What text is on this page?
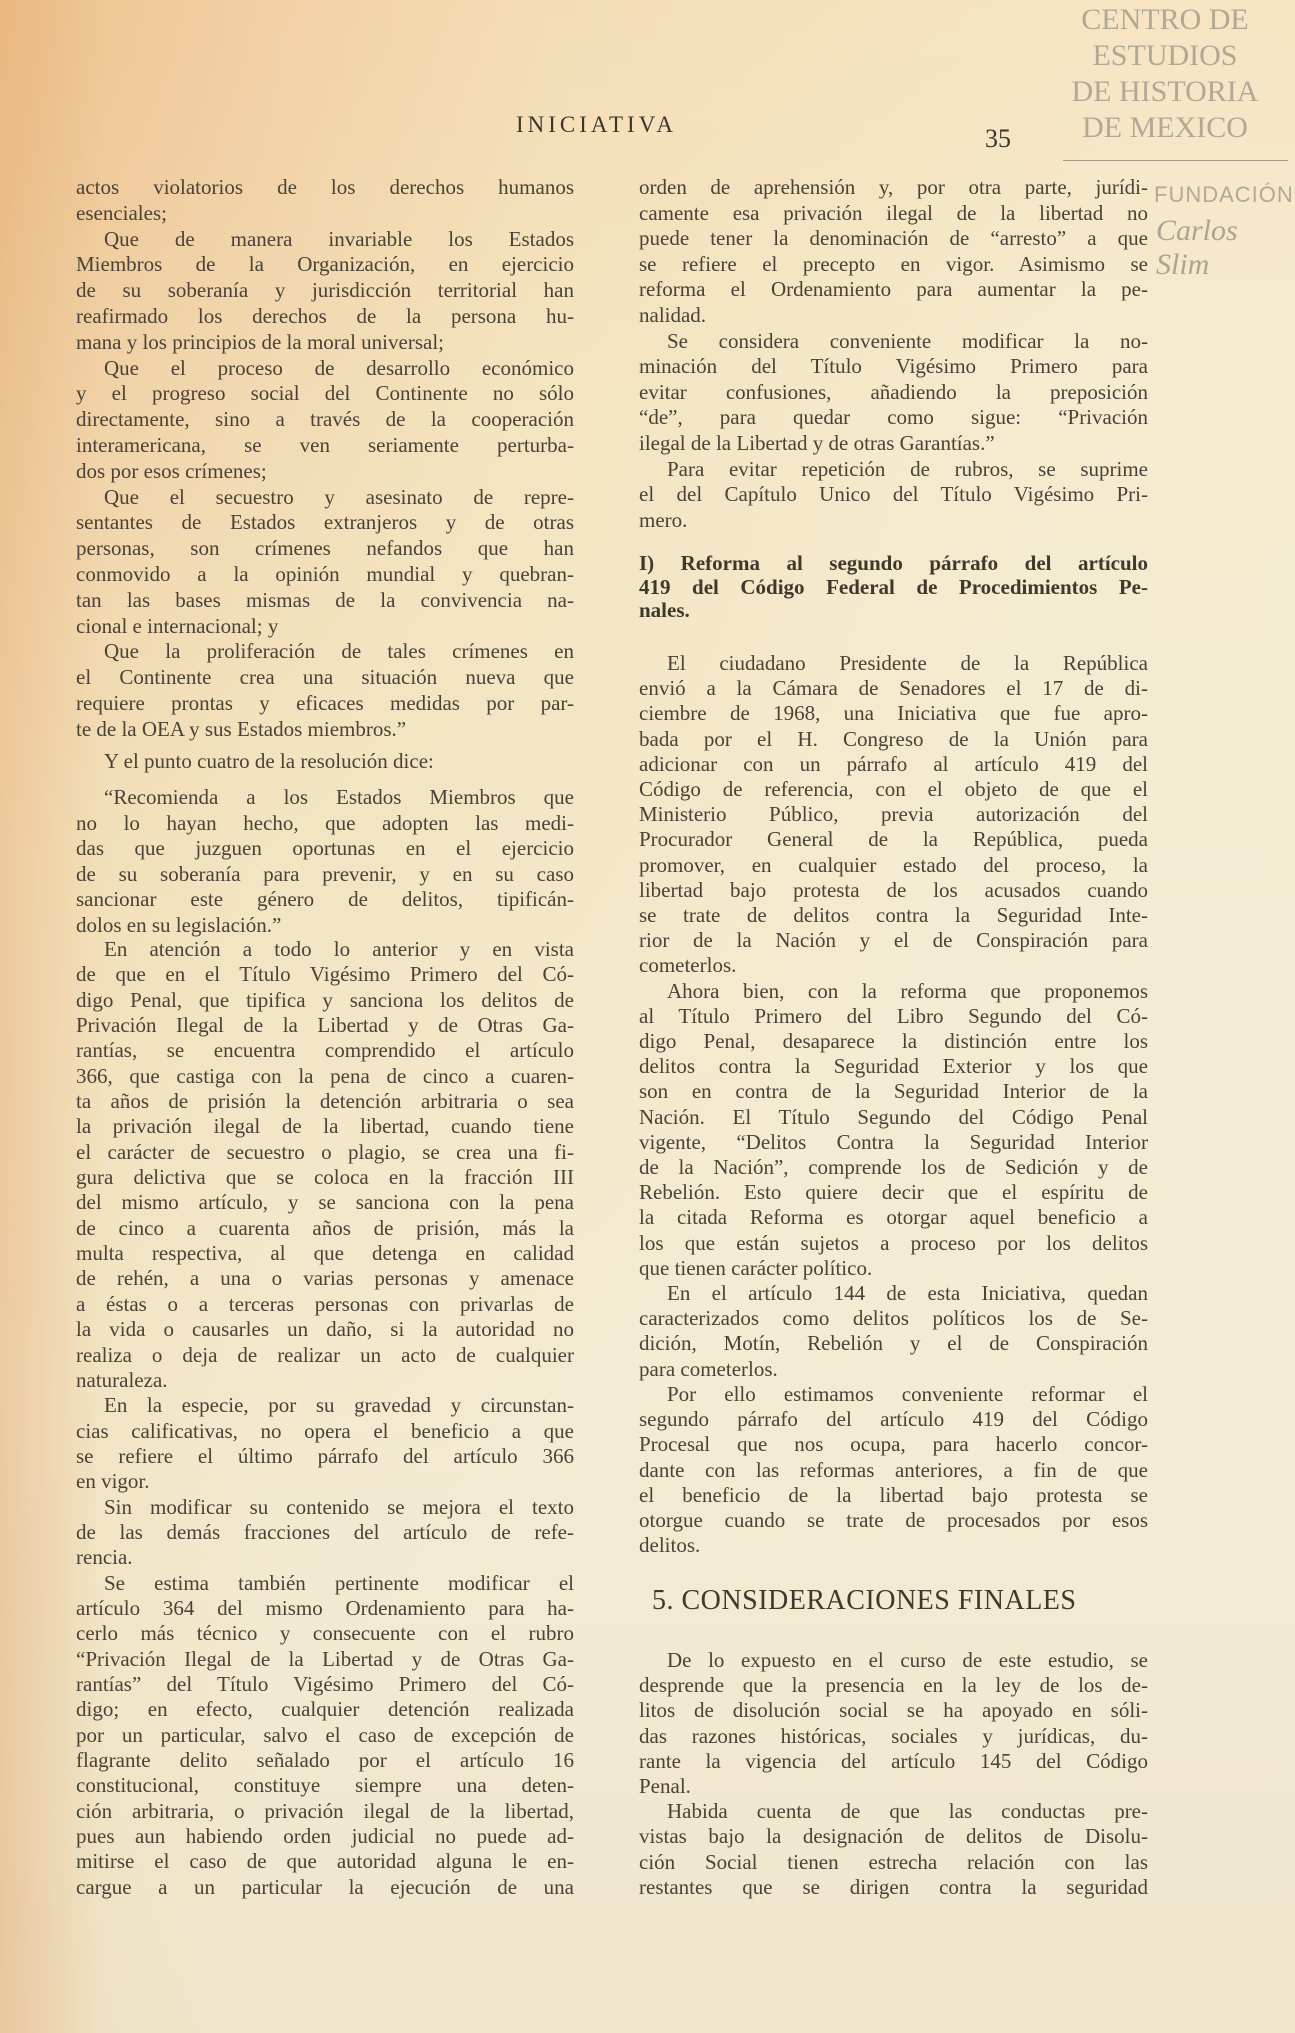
INICIATIVA	35
CENTRO DE
ESTUDIOS
DE HISTORIA
DE MEXICO
FUNDACIÓN
Carlos Slim
actos violatorios de los derechos humanos
esenciales;
Que de manera invariable los Estados
Miembros de la Organización, en ejercicio
de su soberanía y jurisdicción territorial han
reafirmado los derechos de la persona hu-
mana y los principios de la moral universal;
Que el proceso de desarrollo económico
y el progreso social del Continente no sólo
directamente, sino a través de la cooperación
interamericana, se ven seriamente perturba-
dos por esos crímenes;
Que el secuestro y asesinato de repre-
sentantes de Estados extranjeros y de otras
personas, son crímenes nefandos que han
conmovido a la opinión mundial y quebran-
tan las bases mismas de la convivencia na-
cional e internacional; y
Que la proliferación de tales crímenes en
el Continente crea una situación nueva que
requiere prontas y eficaces medidas por par-
te de la OEA y sus Estados miembros.”
Y el punto cuatro de la resolución dice:
“Recomienda a los Estados Miembros que
no lo hayan hecho, que adopten las medi-
das que juzguen oportunas en el ejercicio
de su soberanía para prevenir, y en su caso
sancionar este género de delitos, tipificán-
dolos en su legislación.”
En atención a todo lo anterior y en vista
de que en el Título Vigésimo Primero del Có-
digo Penal, que tipifica y sanciona los delitos de
Privación Ilegal de la Libertad y de Otras Ga-
rantías, se encuentra comprendido el artículo
366, que castiga con la pena de cinco a cuaren-
ta años de prisión la detención arbitraria o sea
la privación ilegal de la libertad, cuando tiene
el carácter de secuestro o plagio, se crea una fi-
gura delictiva que se coloca en la fracción III
del mismo artículo, y se sanciona con la pena
de cinco a cuarenta años de prisión, más la
multa respectiva, al que detenga en calidad
de rehén, a una o varias personas y amenace
a éstas o a terceras personas con privarlas de
la vida o causarles un daño, si la autoridad no
realiza o deja de realizar un acto de cualquier
naturaleza.
En la especie, por su gravedad y circunstan-
cias calificativas, no opera el beneficio a que
se refiere el último párrafo del artículo 366
en vigor.
Sin modificar su contenido se mejora el texto
de las demás fracciones del artículo de refe-
rencia.
Se estima también pertinente modificar el
artículo 364 del mismo Ordenamiento para ha-
cerlo más técnico y consecuente con el rubro
“Privación Ilegal de la Libertad y de Otras Ga-
rantías” del Título Vigésimo Primero del Có-
digo; en efecto, cualquier detención realizada
por un particular, salvo el caso de excepción de
flagrante delito señalado por el artículo 16
constitucional, constituye siempre una deten-
ción arbitraria, o privación ilegal de la libertad,
pues aun habiendo orden judicial no puede ad-
mitirse el caso de que autoridad alguna le en-
cargue a un particular la ejecución de una
orden de aprehensión y, por otra parte, jurídi-
camente esa privación ilegal de la libertad no
puede tener la denominación de “arresto” a que
se refiere el precepto en vigor. Asimismo se
reforma el Ordenamiento para aumentar la pe-
nalidad.
Se considera conveniente modificar la no-
minación del Título Vigésimo Primero para
evitar confusiones, añadiendo la preposición
“de”, para quedar como sigue: “Privación
ilegal de la Libertad y de otras Garantías.”
Para evitar repetición de rubros, se suprime
el del Capítulo Unico del Título Vigésimo Pri-
mero.
I) Reforma al segundo párrafo del artículo
419 del Código Federal de Procedimientos Pe-
nales.
El ciudadano Presidente de la República
envió a la Cámara de Senadores el 17 de di-
ciembre de 1968, una Iniciativa que fue apro-
bada por el H. Congreso de la Unión para
adicionar con un párrafo al artículo 419 del
Código de referencia, con el objeto de que el
Ministerio Público, previa autorización del
Procurador General de la República, pueda
promover, en cualquier estado del proceso, la
libertad bajo protesta de los acusados cuando
se trate de delitos contra la Seguridad Inte-
rior de la Nación y el de Conspiración para
cometerlos.
Ahora bien, con la reforma que proponemos
al Título Primero del Libro Segundo del Có-
digo Penal, desaparece la distinción entre los
delitos contra la Seguridad Exterior y los que
son en contra de la Seguridad Interior de la
Nación. El Título Segundo del Código Penal
vigente, “Delitos Contra la Seguridad Interior
de la Nación”, comprende los de Sedición y de
Rebelión. Esto quiere decir que el espíritu de
la citada Reforma es otorgar aquel beneficio a
los que están sujetos a proceso por los delitos
que tienen carácter político.
En el artículo 144 de esta Iniciativa, quedan
caracterizados como delitos políticos los de Se-
dición, Motín, Rebelión y el de Conspiración
para cometerlos.
Por ello estimamos conveniente reformar el
segundo párrafo del artículo 419 del Código
Procesal que nos ocupa, para hacerlo concor-
dante con las reformas anteriores, a fin de que
el beneficio de la libertad bajo protesta se
otorgue cuando se trate de procesados por esos
delitos.
5. CONSIDERACIONES FINALES
De lo expuesto en el curso de este estudio, se
desprende que la presencia en la ley de los de-
litos de disolución social se ha apoyado en sóli-
das razones históricas, sociales y jurídicas, du-
rante la vigencia del artículo 145 del Código
Penal.
Habida cuenta de que las conductas pre-
vistas bajo la designación de delitos de Disolu-
ción Social tienen estrecha relación con las
restantes que se dirigen contra la seguridad
